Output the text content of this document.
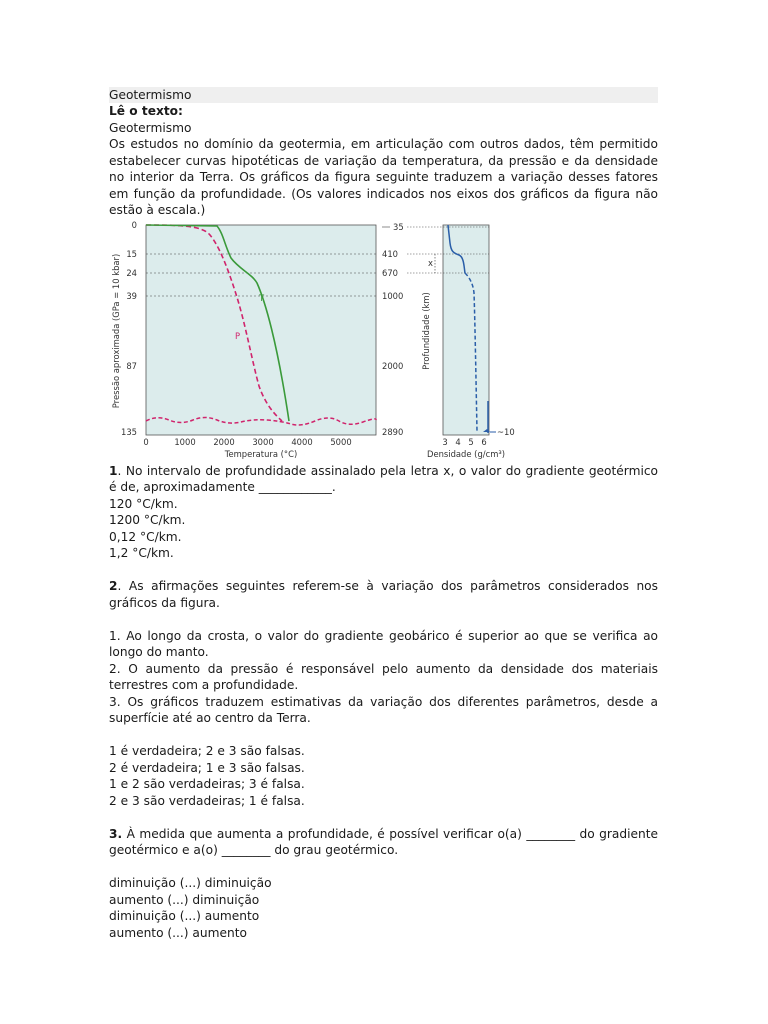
Geotermismo

Lê o texto:

Geotermismo

Os estudos no domínio da geotermia, em articulação com outros dados, têm permitido estabelecer curvas hipotéticas de variação da temperatura, da pressão e da densidade no interior da Terra. Os gráficos da figura seguinte traduzem a variação desses fatores em função da profundidade. (Os valores indicados nos eixos dos gráficos da figura não estão à escala.)

T
P
0
15
24
39
87
135
Pressão aproximada (GPa = 10 kbar)
0	1000 2000 3000 4000 5000
Temperatura (°C)
35
410
670
1000
2000
2890
x
~10
Profundidade (km)
3 4 5 6
Densidade (g/cm³)

1. No intervalo de profundidade assinalado pela letra x, o valor do gradiente geotérmico é de, aproximadamente ____________.

120 °C/km.

1200 °C/km.

0,12 °C/km.

1,2 °C/km.

2. As afirmações seguintes referem-se à variação dos parâmetros considerados nos gráficos da figura.

1. Ao longo da crosta, o valor do gradiente geobárico é superior ao que se verifica ao longo do manto.

2. O aumento da pressão é responsável pelo aumento da densidade dos materiais terrestres com a profundidade.

3. Os gráficos traduzem estimativas da variação dos diferentes parâmetros, desde a superfície até ao centro da Terra.

1 é verdadeira; 2 e 3 são falsas.

2 é verdadeira; 1 e 3 são falsas.

1 e 2 são verdadeiras; 3 é falsa.

2 e 3 são verdadeiras; 1 é falsa.

3. À medida que aumenta a profundidade, é possível verificar o(a) ________ do gradiente geotérmico e a(o) ________ do grau geotérmico.

diminuição (...) diminuição

aumento (...) diminuição

diminuição (...) aumento

aumento (...) aumento
